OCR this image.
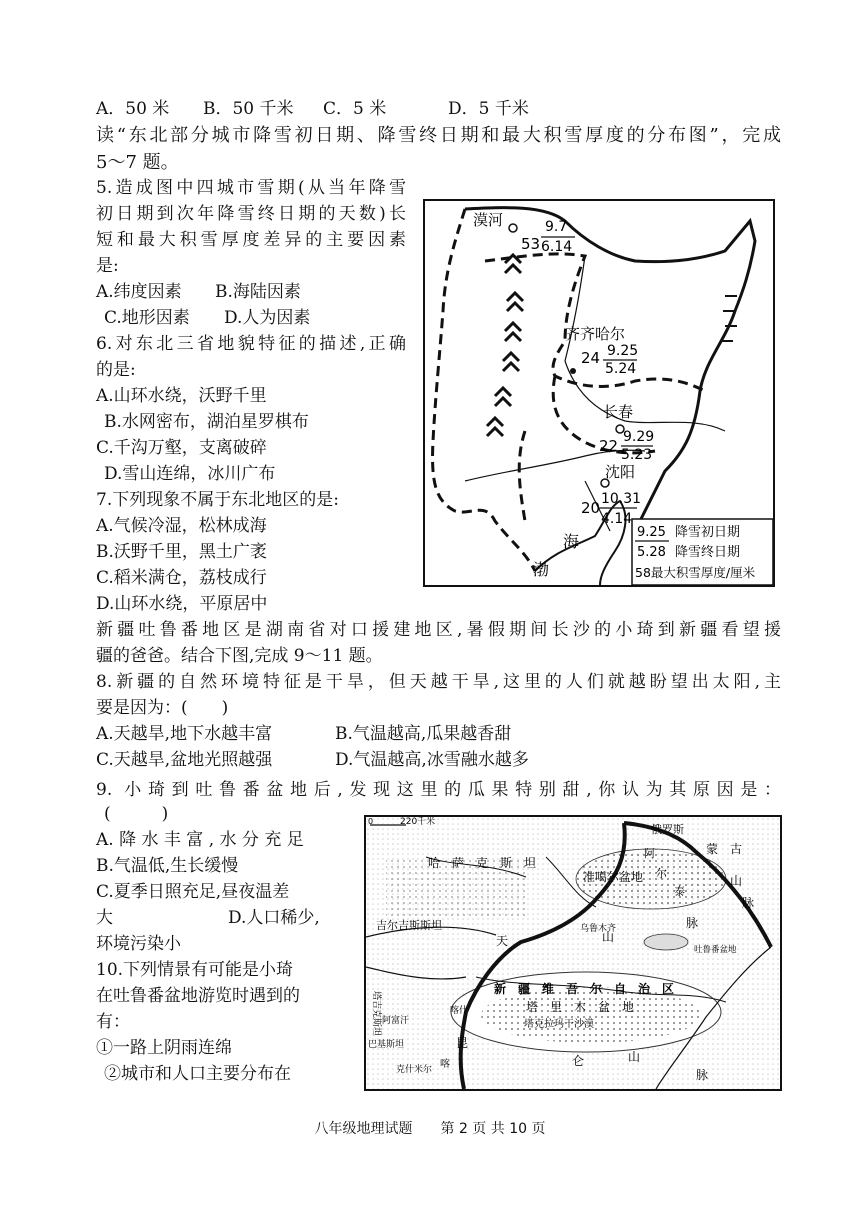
A．50 米 B．50 千米 C．5 米	D．5 千米
读“东北部分城市降雪初日期、降雪终日期和最大积雪厚度的分布图”，完成
5～7 题。
5.造成图中四城市雪期(从当年降雪
初日期到次年降雪终日期的天数)长
短和最大积雪厚度差异的主要因素
是:
A.纬度因素 B.海陆因素
C.地形因素 D.人为因素
6.对东北三省地貌特征的描述,正确
的是:
A.山环水绕，沃野千里
B.水网密布，湖泊星罗棋布
C.千沟万壑，支离破碎
D.雪山连绵，冰川广布
7.下列现象不属于东北地区的是:
A.气候冷湿，松林成海
B.沃野千里，黑土广袤
C.稻米满仓，荔枝成行
D.山环水绕，平原居中
新疆吐鲁番地区是湖南省对口援建地区,暑假期间长沙的小琦到新疆看望援
疆的爸爸。结合下图,完成 9～11 题。
8.新疆的自然环境特征是干旱，但天越干旱,这里的人们就越盼望出太阳,主
要是因为：(　　)
A.天越旱,地下水越丰富	B.气温越高,瓜果越香甜
C.天越旱,盆地光照越强	D.气温越高,冰雪融水越多
9. 小琦到吐鲁番盆地后,发现这里的瓜果特别甜,你认为其原因是：
(　　　)
A. 降 水 丰 富 , 水 分 充 足
B.气温低,生长缓慢
C.夏季日照充足,昼夜温差
大	D.人口稀少,
环境污染小
10.下列情景有可能是小琦
在吐鲁番盆地游览时遇到的
有：
①一路上阴雨连绵
②城市和人口主要分布在
漠河
53
9.7
6.14
齐齐哈尔
24 9.25
5.24
长春
22 9.29
5.23
沈阳
20 10.31
4.14
海
渤
9.25 降雪初日期
5.28 降雪终日期
58最大积雪厚度/厘米
0	220千米
俄罗斯
蒙　古
哈　萨　克　斯　坦
准噶尔盆地
吉尔吉斯斯坦	乌鲁木齐
吐鲁番盆地
喀什
新　疆　维　吾　尔　自　治　区
塔　里　木　盆　地
塔克拉玛干沙漠
塔吉克斯坦 阿富汗
巴基斯坦
克什米尔
阿
尔
泰
山
脉
天	山
脉
昆
仑	山
脉
喀
八年级地理试题　　第 2 页 共 10 页
